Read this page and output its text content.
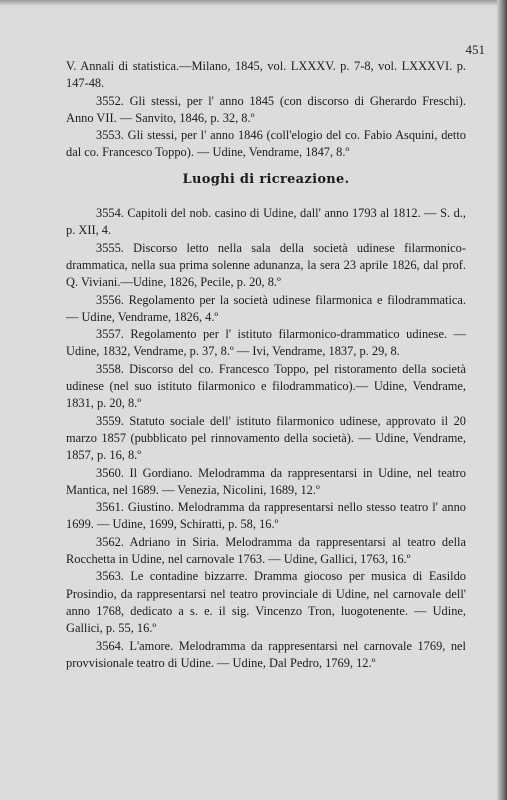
451

V. Annali di statistica.—Milano, 1845, vol. LXXXV. p. 7-8, vol. LXXXVI. p. 147-48.

3552. Gli stessi, per l' anno 1845 (con discorso di Gherardo Freschi). Anno VII. — Sanvito, 1846, p. 32, 8.º

3553. Gli stessi, per l' anno 1846 (coll'elogio del co. Fabio Asquini, detto dal co. Francesco Toppo). — Udine, Vendrame, 1847, 8.º

Luoghi di ricreazione.

3554. Capitoli del nob. casino di Udine, dall' anno 1793 al 1812. — S. d., p. XII, 4.

3555. Discorso letto nella sala della società udinese filarmonico-drammatica, nella sua prima solenne adunanza, la sera 23 aprile 1826, dal prof. Q. Viviani.—Udine, 1826, Pecile, p. 20, 8.º

3556. Regolamento per la società udinese filarmonica e filodrammatica. — Udine, Vendrame, 1826, 4.º

3557. Regolamento per l' istituto filarmonico-drammatico udinese. — Udine, 1832, Vendrame, p. 37, 8.º — Ivi, Vendrame, 1837, p. 29, 8.

3558. Discorso del co. Francesco Toppo, pel ristoramento della società udinese (nel suo istituto filarmonico e filodrammatico).— Udine, Vendrame, 1831, p. 20, 8.º

3559. Statuto sociale dell' istituto filarmonico udinese, approvato il 20 marzo 1857 (pubblicato pel rinnovamento della società). — Udine, Vendrame, 1857, p. 16, 8.º

3560. Il Gordiano. Melodramma da rappresentarsi in Udine, nel teatro Mantica, nel 1689. — Venezia, Nicolini, 1689, 12.º

3561. Giustino. Melodramma da rappresentarsi nello stesso teatro l' anno 1699. — Udine, 1699, Schiratti, p. 58, 16.º

3562. Adriano in Siria. Melodramma da rappresentarsi al teatro della Rocchetta in Udine, nel carnovale 1763. — Udine, Gallici, 1763, 16.º

3563. Le contadine bizzarre. Dramma giocoso per musica di Easildo Prosindio, da rappresentarsi nel teatro provinciale di Udine, nel carnovale dell' anno 1768, dedicato a s. e. il sig. Vincenzo Tron, luogotenente. — Udine, Gallici, p. 55, 16.º

3564. L'amore. Melodramma da rappresentarsi nel carnovale 1769, nel provvisionale teatro di Udine. — Udine, Dal Pedro, 1769, 12.º
